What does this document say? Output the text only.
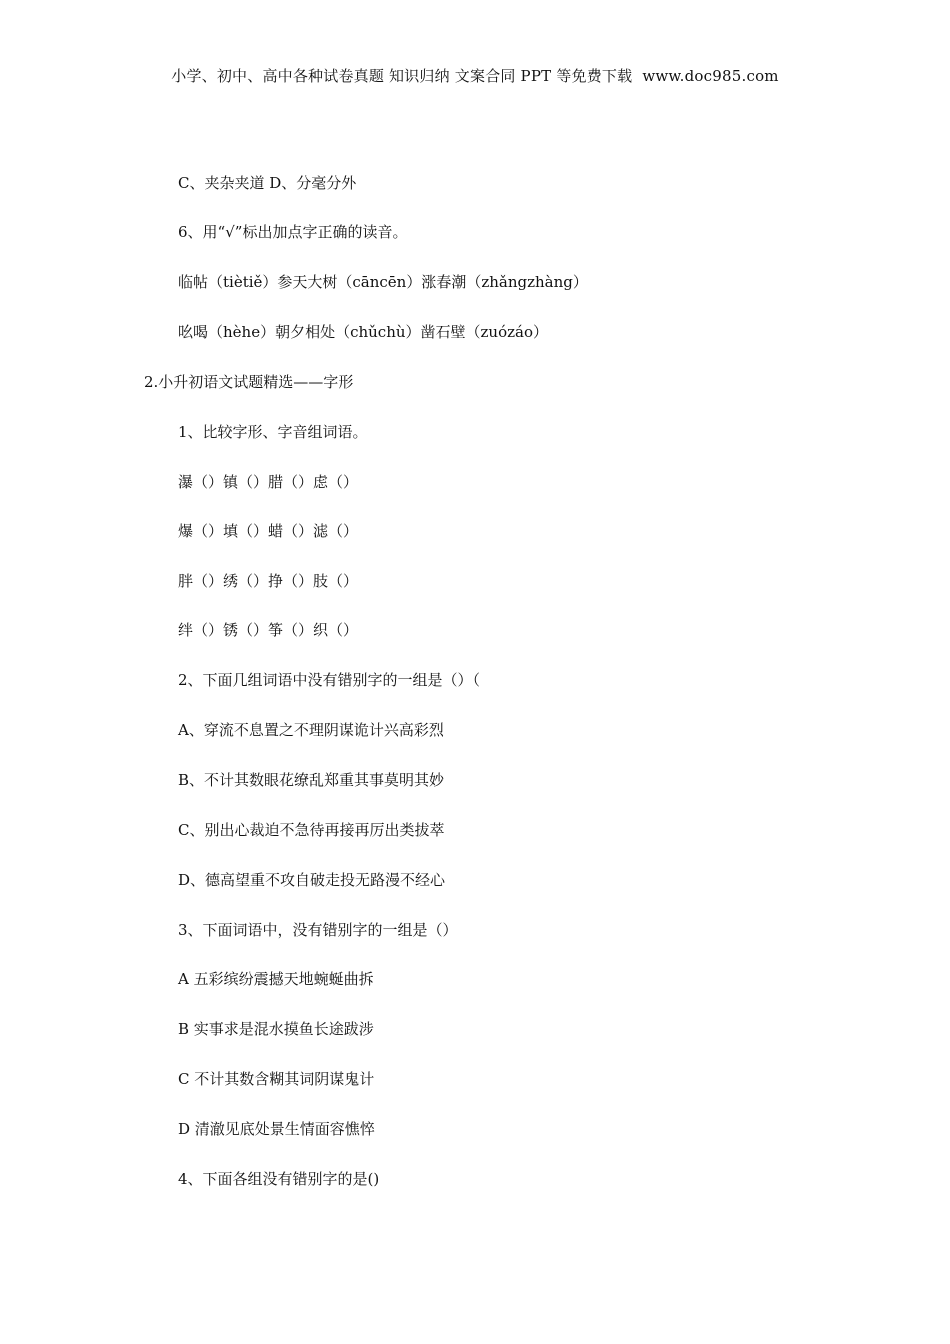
小学、初中、高中各种试卷真题 知识归纳 文案合同 PPT 等免费下载 www.doc985.com
C、夹杂夹道 D、分毫分外
6、用“√”标出加点字正确的读音。
临帖（tiètiě）参天大树（cāncēn）涨春潮（zhǎngzhàng）
吆喝（hèhe）朝夕相处（chǔchù）凿石壁（zuózáo）
2.小升初语文试题精选——字形
1、比较字形、字音组词语。
瀑（）镇（）腊（）虑（）
爆（）填（）蜡（）滤（）
胖（）绣（）挣（）肢（）
绊（）锈（）筝（）织（）
2、下面几组词语中没有错别字的一组是（）（
A、穿流不息置之不理阴谋诡计兴高彩烈
B、不计其数眼花缭乱郑重其事莫明其妙
C、别出心裁迫不急待再接再厉出类拔萃
D、德高望重不攻自破走投无路漫不经心
3、下面词语中，没有错别字的一组是（）
A 五彩缤纷震撼天地蜿蜒曲拆
B 实事求是混水摸鱼长途跋涉
C 不计其数含糊其词阴谋鬼计
D 清澈见底处景生情面容憔悴
4、下面各组没有错别字的是()
